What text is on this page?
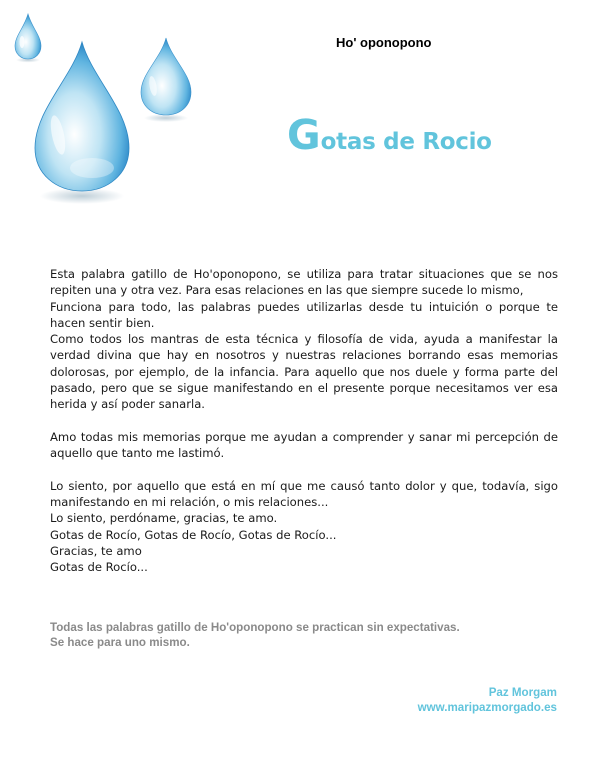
Ho' oponopono
Gotas de Rocio

Esta palabra gatillo de Ho'oponopono, se utiliza para tratar situaciones que se nos repiten una y otra vez. Para esas relaciones en las que siempre sucede lo mismo,

Funciona para todo, las palabras puedes utilizarlas desde tu intuición o porque te hacen sentir bien.

Como todos los mantras de esta técnica y filosofía de vida, ayuda a manifestar la verdad divina que hay en nosotros y nuestras relaciones borrando esas memorias dolorosas, por ejemplo, de la infancia. Para aquello que nos duele y forma parte del pasado, pero que se sigue manifestando en el presente porque necesitamos ver esa herida y así poder sanarla.

Amo todas mis memorias porque me ayudan a comprender y sanar mi percepción de aquello que tanto me lastimó.

Lo siento, por aquello que está en mí que me causó tanto dolor y que, todavía, sigo manifestando en mi relación, o mis relaciones...

Lo siento, perdóname, gracias, te amo.

Gotas de Rocío, Gotas de Rocío, Gotas de Rocío...

Gracias, te amo

Gotas de Rocío...

Todas las palabras gatillo de Ho'oponopono se practican sin expectativas.

Se hace para uno mismo.

Paz Morgam

www.maripazmorgado.es
